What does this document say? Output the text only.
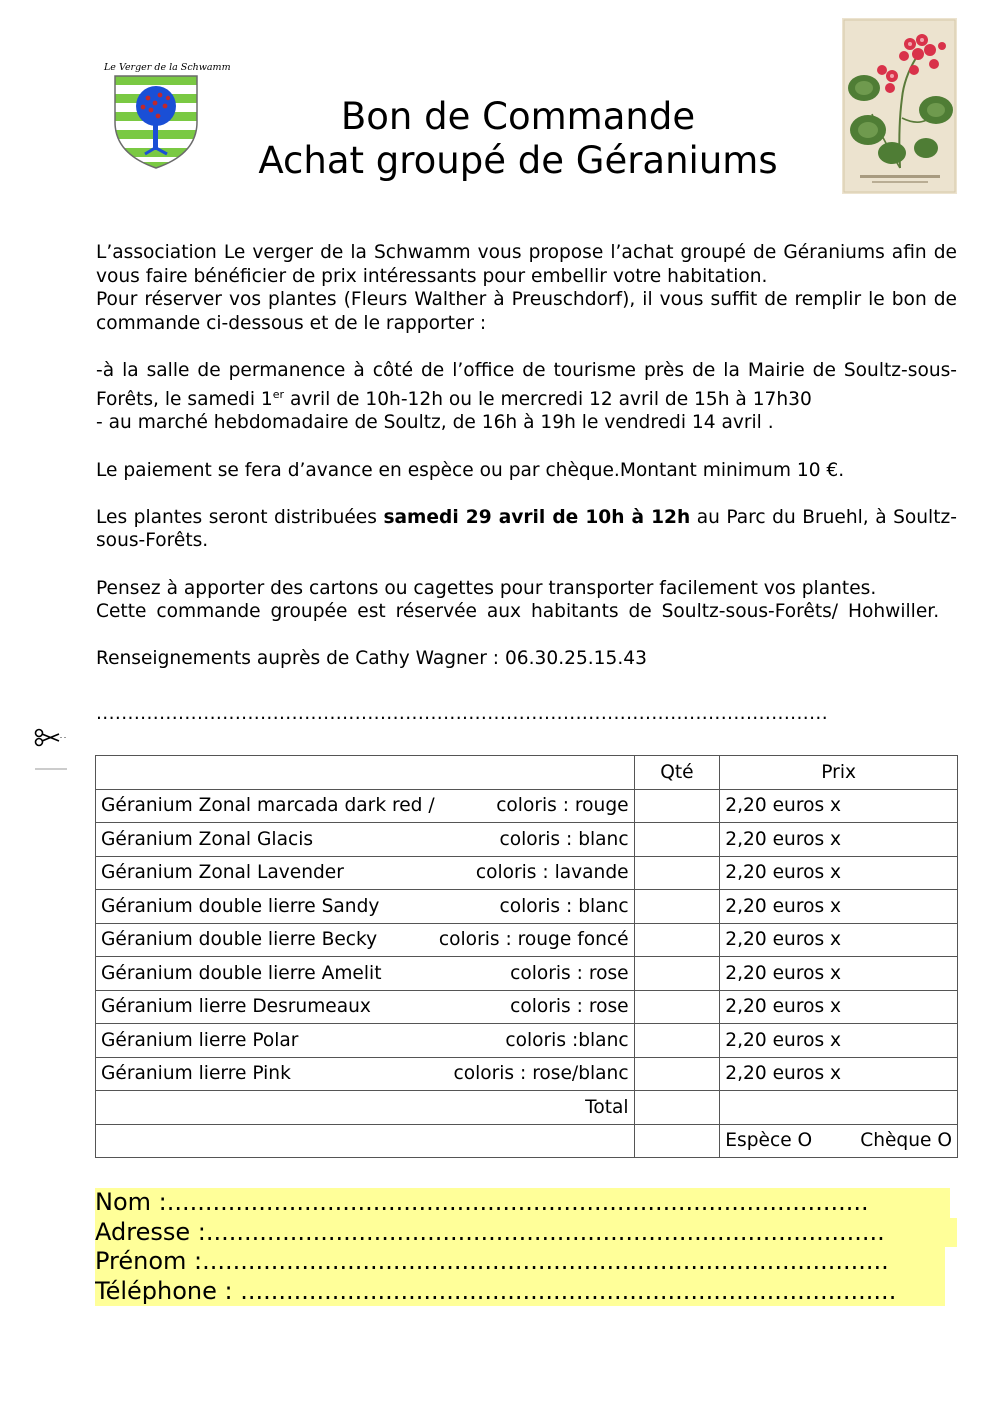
Le Verger de la Schwamm
Bon de Commande
Achat groupé de Géraniums

L’association Le verger de la Schwamm vous propose l’achat groupé de Géraniums afin de vous faire bénéficier de prix intéressants pour embellir votre habitation.

Pour réserver vos plantes (Fleurs Walther à Preuschdorf), il vous suffit de remplir le bon de commande ci-dessous et de le rapporter :

-à la salle de permanence à côté de l’office de tourisme près de la Mairie de Soultz-sous-Forêts, le samedi 1er avril de 10h-12h ou le mercredi 12 avril de 15h à 17h30

- au marché hebdomadaire de Soultz, de 16h à 19h le vendredi 14 avril .

Le paiement se fera d’avance en espèce ou par chèque.Montant minimum 10 €.

Les plantes seront distribuées samedi 29 avril de 10h à 12h au Parc du Bruehl, à Soultz-sous-Forêts.

Pensez à apporter des cartons ou cagettes pour transporter facilement vos plantes.

Cette commande groupée est réservée aux habitants de Soultz-sous-Forêts/ Hohwiller.

Renseignements auprès de Cathy Wagner : 06.30.25.15.43

....................................................................................................................
	Qté	Prix

Géranium Zonal marcada dark red / coloris : rouge		2,20 euros x

Géranium Zonal Glacis coloris : blanc		2,20 euros x

Géranium Zonal Lavender coloris : lavande		2,20 euros x

Géranium double lierre Sandy coloris : blanc		2,20 euros x

Géranium double lierre Becky coloris : rouge foncé		2,20 euros x

Géranium double lierre Amelit coloris : rose		2,20 euros x

Géranium lierre Desrumeaux coloris : rose		2,20 euros x

Géranium lierre Polar coloris :blanc		2,20 euros x

Géranium lierre Pink coloris : rose/blanc		2,20 euros x
Total		

		Espèce O Chèque O
Nom :............................................................................................
Adresse :.........................................................................................
Prénom :..........................................................................................
Téléphone : ......................................................................................
